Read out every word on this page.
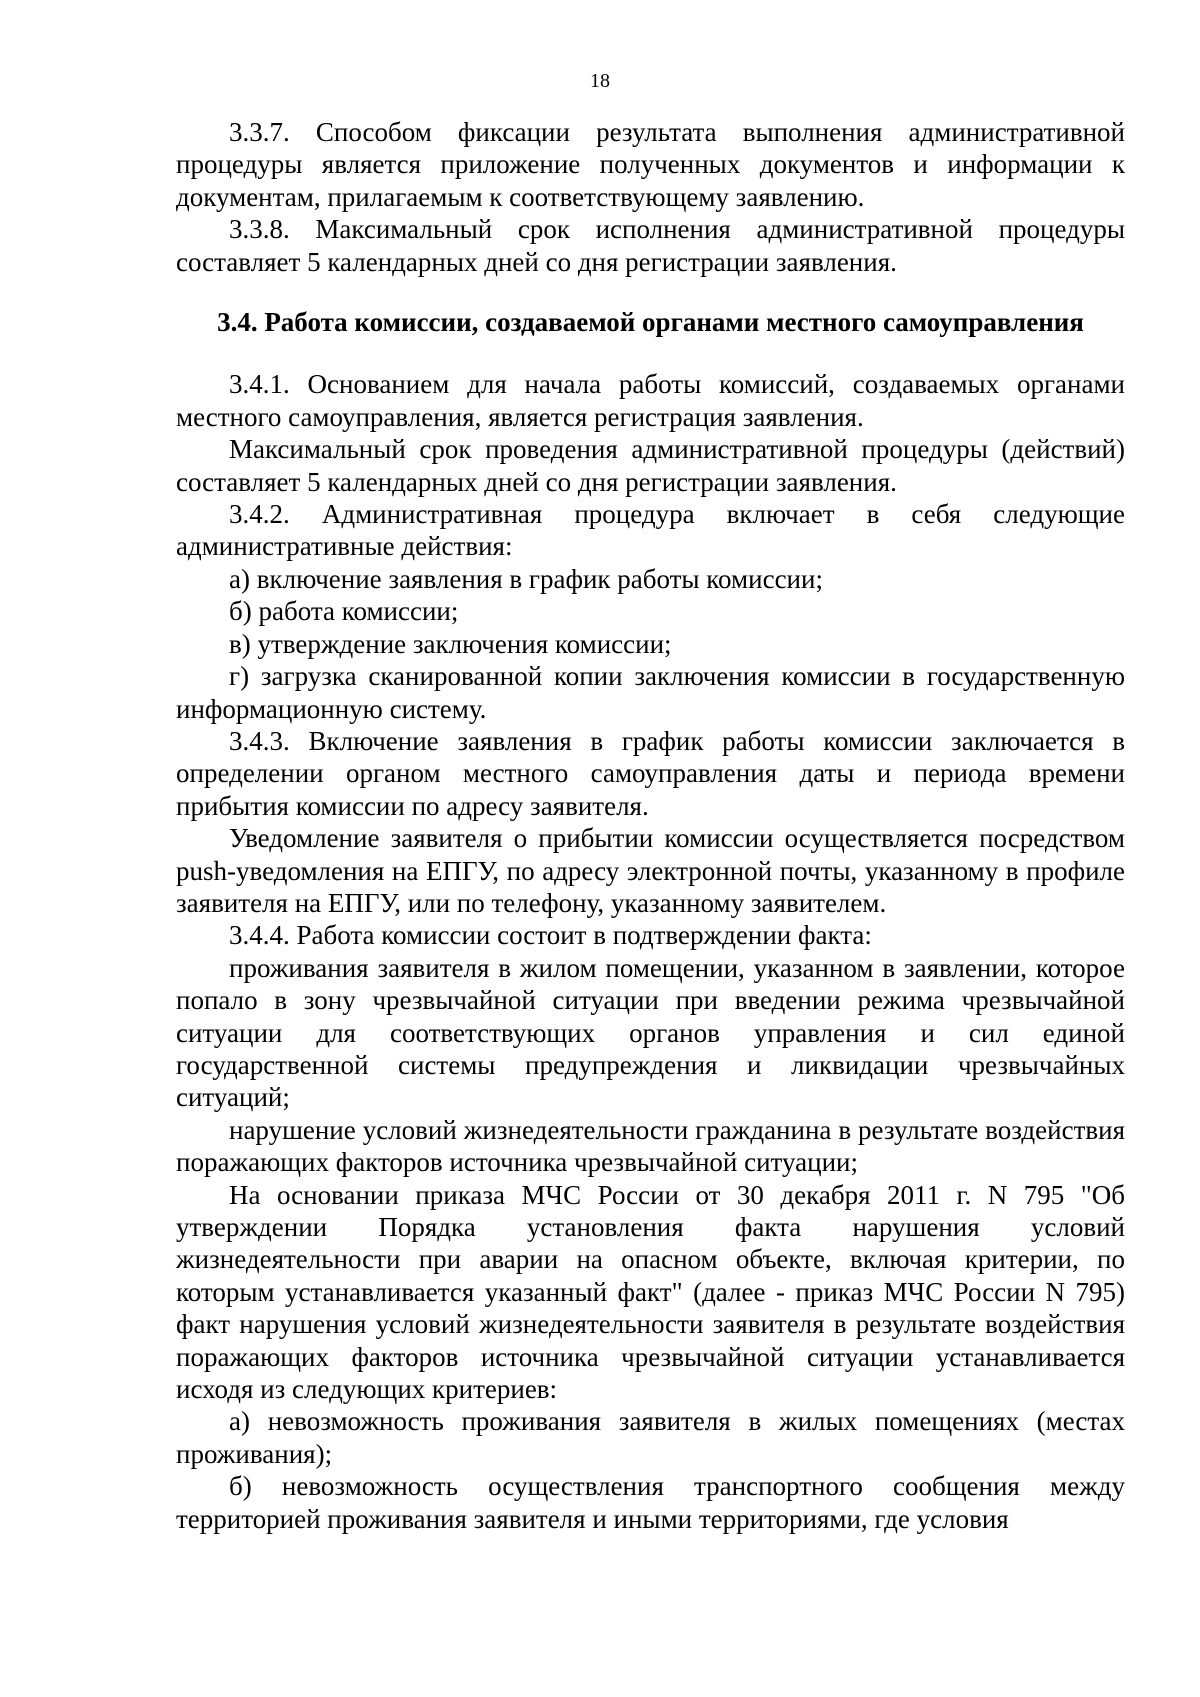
18

3.3.7. Способом фиксации результата выполнения административной процедуры является приложение полученных документов и информации к документам, прилагаемым к соответствующему заявлению.

3.3.8. Максимальный срок исполнения административной процедуры составляет 5 календарных дней со дня регистрации заявления.

3.4. Работа комиссии, создаваемой органами местного самоуправления

3.4.1. Основанием для начала работы комиссий, создаваемых органами местного самоуправления, является регистрация заявления.

Максимальный срок проведения административной процедуры (действий) составляет 5 календарных дней со дня регистрации заявления.

3.4.2. Административная процедура включает в себя следующие административные действия:

а) включение заявления в график работы комиссии;

б) работа комиссии;

в) утверждение заключения комиссии;

г) загрузка сканированной копии заключения комиссии в государственную информационную систему.

3.4.3. Включение заявления в график работы комиссии заключается в определении органом местного самоуправления даты и периода времени прибытия комиссии по адресу заявителя.

Уведомление заявителя о прибытии комиссии осуществляется посредством push-уведомления на ЕПГУ, по адресу электронной почты, указанному в профиле заявителя на ЕПГУ, или по телефону, указанному заявителем.

3.4.4. Работа комиссии состоит в подтверждении факта:

проживания заявителя в жилом помещении, указанном в заявлении, которое попало в зону чрезвычайной ситуации при введении режима чрезвычайной ситуации для соответствующих органов управления и сил единой государственной системы предупреждения и ликвидации чрезвычайных ситуаций;

нарушение условий жизнедеятельности гражданина в результате воздействия поражающих факторов источника чрезвычайной ситуации;

На основании приказа МЧС России от 30 декабря 2011 г. N 795 "Об утверждении Порядка установления факта нарушения условий жизнедеятельности при аварии на опасном объекте, включая критерии, по которым устанавливается указанный факт" (далее - приказ МЧС России N 795) факт нарушения условий жизнедеятельности заявителя в результате воздействия поражающих факторов источника чрезвычайной ситуации устанавливается исходя из следующих критериев:

а) невозможность проживания заявителя в жилых помещениях (местах проживания);

б) невозможность осуществления транспортного сообщения между территорией проживания заявителя и иными территориями, где условия
